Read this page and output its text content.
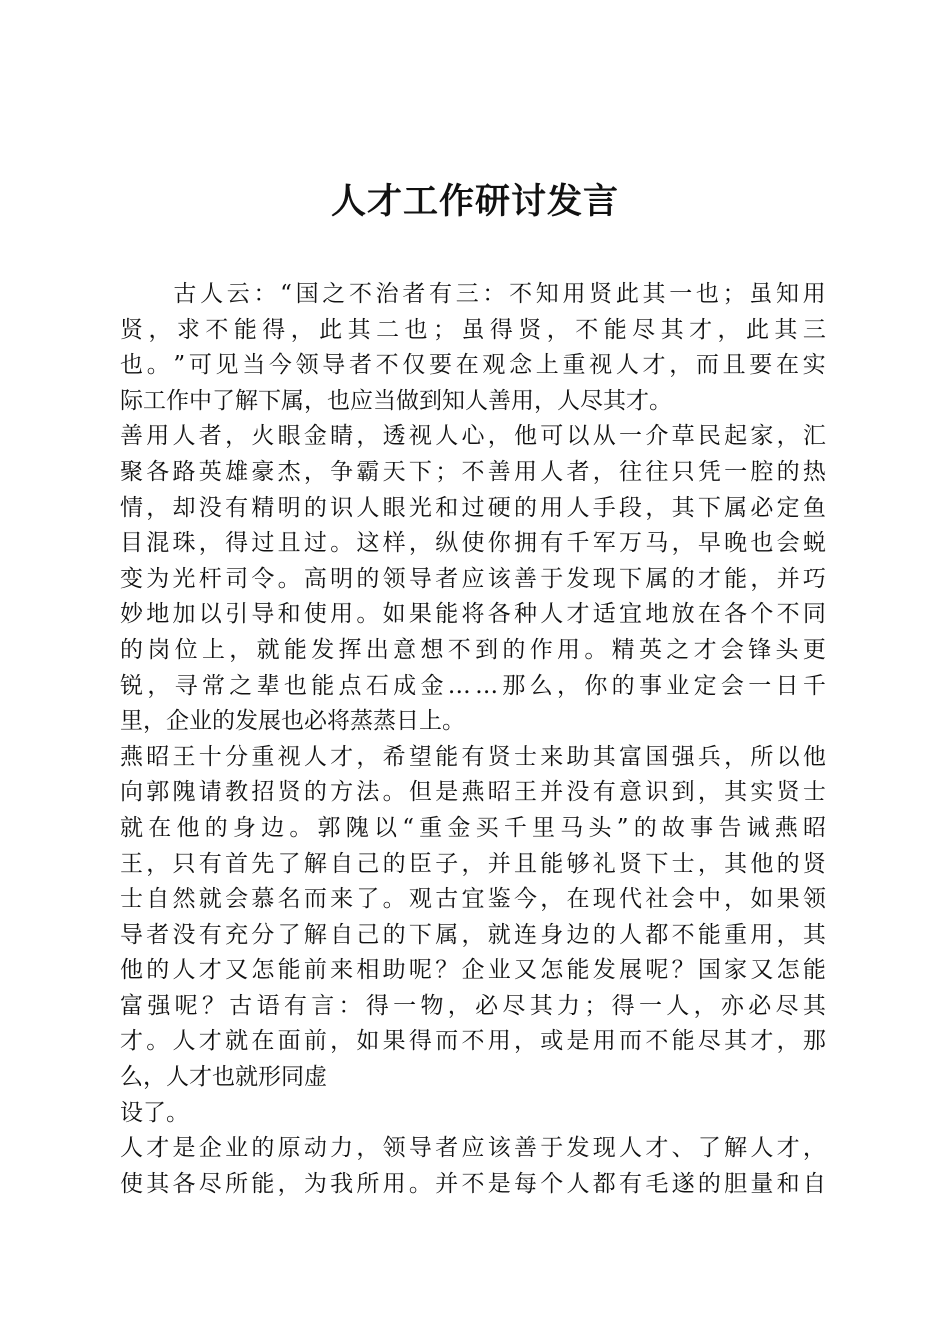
人才工作研讨发言

古 人 云 ： “ 国 之 不 治 者 有 三 ： 不 知 用 贤 此 其 一 也 ； 虽 知 用
贤 ， 求 不 能 得 ， 此 其 二 也 ； 虽 得 贤 ， 不 能 尽 其 才 ， 此 其 三
也 。 ” 可 见 当 今 领 导 者 不 仅 要 在 观 念 上 重 视 人 才 ， 而 且 要 在 实
际工作中了解下属，也应当做到知人善用，人尽其才。
善 用 人 者 ， 火 眼 金 睛 ， 透 视 人 心 ， 他 可 以 从 一 介 草 民 起 家 ， 汇
聚 各 路 英 雄 豪 杰 ， 争 霸 天 下 ； 不 善 用 人 者 ， 往 往 只 凭 一 腔 的 热
情 ， 却 没 有 精 明 的 识 人 眼 光 和 过 硬 的 用 人 手 段 ， 其 下 属 必 定 鱼
目 混 珠 ， 得 过 且 过 。 这 样 ， 纵 使 你 拥 有 千 军 万 马 ， 早 晚 也 会 蜕
变 为 光 杆 司 令 。 高 明 的 领 导 者 应 该 善 于 发 现 下 属 的 才 能 ， 并 巧
妙 地 加 以 引 导 和 使 用 。 如 果 能 将 各 种 人 才 适 宜 地 放 在 各 个 不 同
的 岗 位 上 ， 就 能 发 挥 出 意 想 不 到 的 作 用 。 精 英 之 才 会 锋 头 更
锐 ， 寻 常 之 辈 也 能 点 石 成 金 … … 那 么 ， 你 的 事 业 定 会 一 日 千
里，企业的发展也必将蒸蒸日上。
燕 昭 王 十 分 重 视 人 才 ， 希 望 能 有 贤 士 来 助 其 富 国 强 兵 ， 所 以 他
向 郭 隗 请 教 招 贤 的 方 法 。 但 是 燕 昭 王 并 没 有 意 识 到 ， 其 实 贤 士
就 在 他 的 身 边 。 郭 隗 以 “ 重 金 买 千 里 马 头 ” 的 故 事 告 诫 燕 昭
王 ， 只 有 首 先 了 解 自 己 的 臣 子 ， 并 且 能 够 礼 贤 下 士 ， 其 他 的 贤
士 自 然 就 会 慕 名 而 来 了 。 观 古 宜 鉴 今 ， 在 现 代 社 会 中 ， 如 果 领
导 者 没 有 充 分 了 解 自 己 的 下 属 ， 就 连 身 边 的 人 都 不 能 重 用 ， 其
他 的 人 才 又 怎 能 前 来 相 助 呢 ？ 企 业 又 怎 能 发 展 呢 ？ 国 家 又 怎 能
富 强 呢 ？ 古 语 有 言 ： 得 一 物 ， 必 尽 其 力 ； 得 一 人 ， 亦 必 尽 其
才 。 人 才 就 在 面 前 ， 如 果 得 而 不 用 ， 或 是 用 而 不 能 尽 其 才 ， 那
么，人才也就形同虚
设了。
人 才 是 企 业 的 原 动 力 ， 领 导 者 应 该 善 于 发 现 人 才 、 了 解 人 才 ，
使 其 各 尽 所 能 ， 为 我 所 用 。 并 不 是 每 个 人 都 有 毛 遂 的 胆 量 和 自
